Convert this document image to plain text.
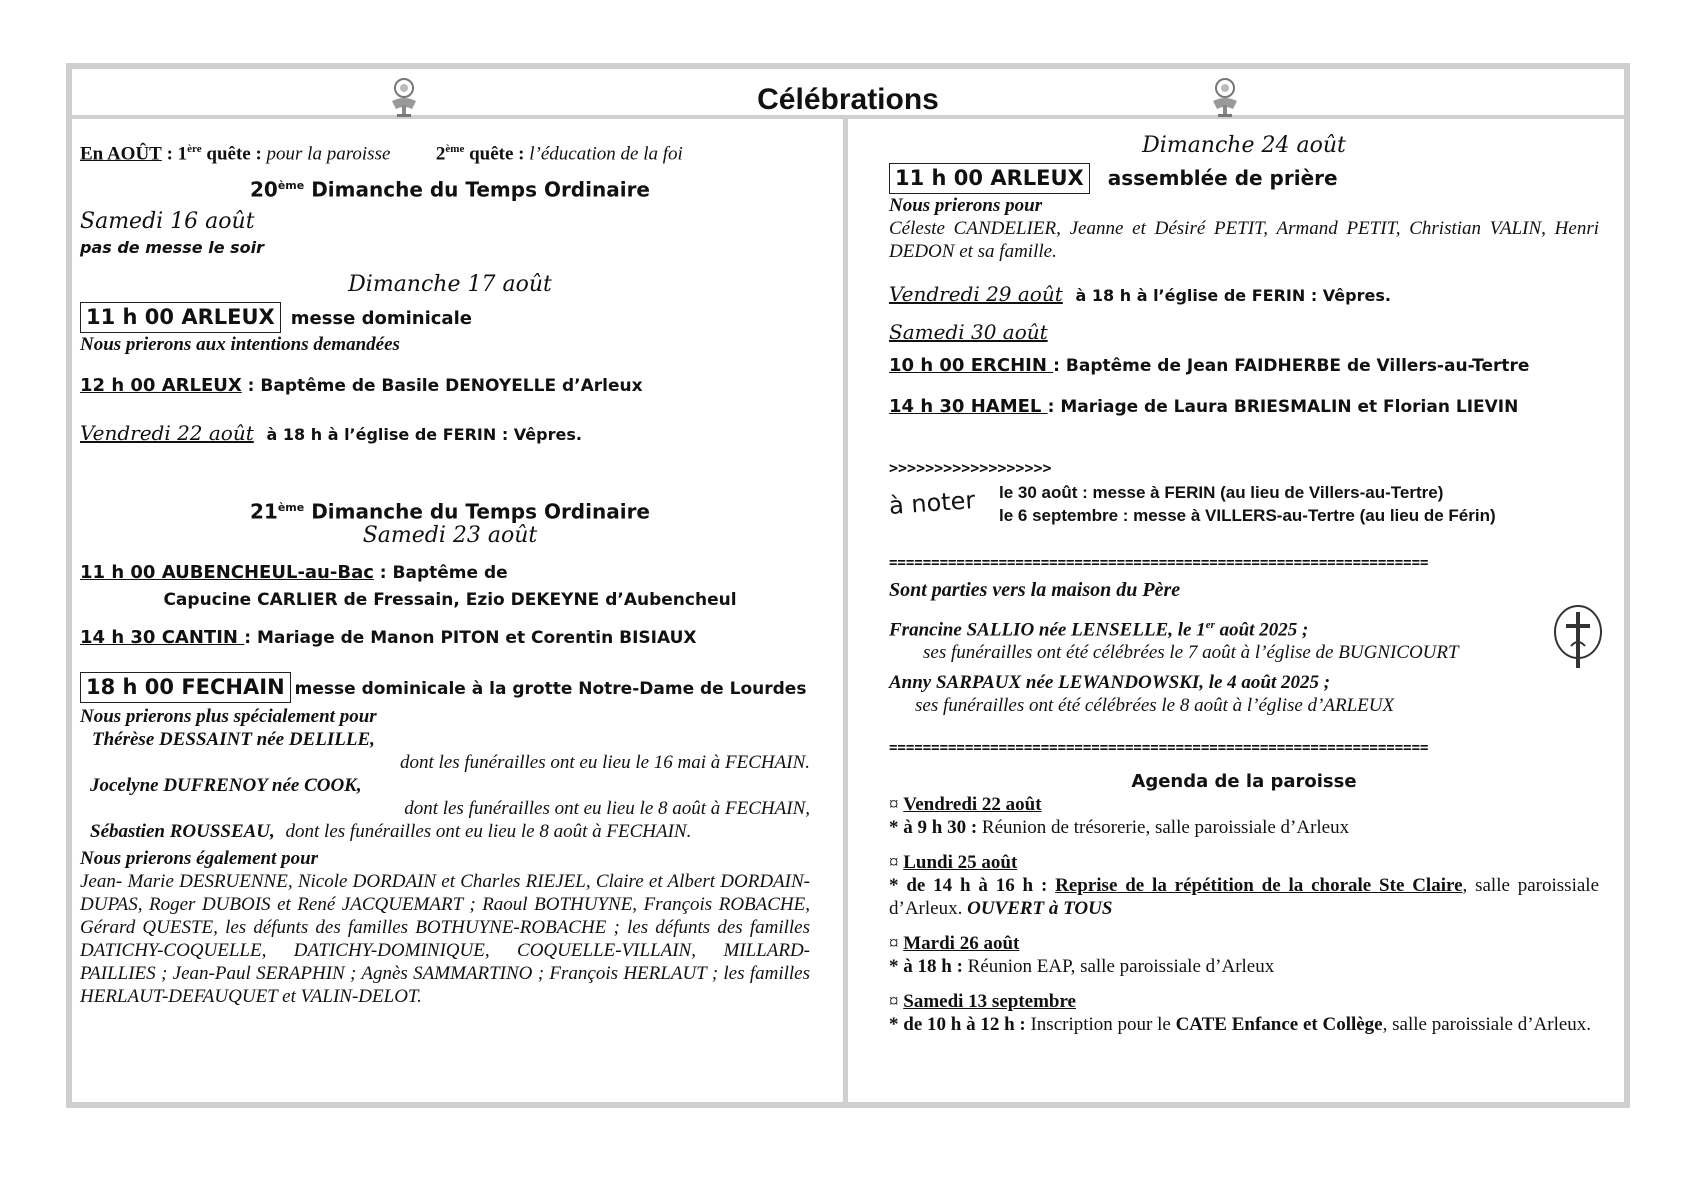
Célébrations
En AOÛT : 1ère quête : pour la paroisse 2ème quête : l’éducation de la foi
20ème Dimanche du Temps Ordinaire
Samedi 16 août
pas de messe le soir
Dimanche 17 août
11 h 00 ARLEUX messe dominicale
Nous prierons aux intentions demandées
12 h 00 ARLEUX : Baptême de Basile DENOYELLE d’Arleux
Vendredi 22 août à 18 h à l’église de FERIN : Vêpres.
21ème Dimanche du Temps Ordinaire
Samedi 23 août
11 h 00 AUBENCHEUL-au-Bac : Baptême de
Capucine CARLIER de Fressain, Ezio DEKEYNE d’Aubencheul
14 h 30 CANTIN : Mariage de Manon PITON et Corentin BISIAUX
18 h 00 FECHAIN messe dominicale à la grotte Notre-Dame de Lourdes
Nous prierons plus spécialement pour
Thérèse DESSAINT née DELILLE,
dont les funérailles ont eu lieu le 16 mai à FECHAIN.
Jocelyne DUFRENOY née COOK,
dont les funérailles ont eu lieu le 8 août à FECHAIN,
Sébastien ROUSSEAU, dont les funérailles ont eu lieu le 8 août à FECHAIN.
Nous prierons également pour
Jean- Marie DESRUENNE, Nicole DORDAIN et Charles RIEJEL, Claire et Albert DORDAIN-DUPAS, Roger DUBOIS et René JACQUEMART ; Raoul BOTHUYNE, François ROBACHE, Gérard QUESTE, les défunts des familles BOTHUYNE-ROBACHE ; les défunts des familles DATICHY-COQUELLE, DATICHY-DOMINIQUE, COQUELLE-VILLAIN, MILLARD-PAILLIES ; Jean-Paul SERAPHIN ; Agnès SAMMARTINO ; François HERLAUT ; les familles HERLAUT-DEFAUQUET et VALIN-DELOT.
Dimanche 24 août
11 h 00 ARLEUX assemblée de prière
Nous prierons pour
Céleste CANDELIER, Jeanne et Désiré PETIT, Armand PETIT, Christian VALIN, Henri DEDON et sa famille.
Vendredi 29 août à 18 h à l’église de FERIN : Vêpres.
Samedi 30 août
10 h 00 ERCHIN : Baptême de Jean FAIDHERBE de Villers-au-Tertre
14 h 30 HAMEL : Mariage de Laura BRIESMALIN et Florian LIEVIN
>>>>>>>>>>>>>>>>>>
à noter le 30 août : messe à FERIN (au lieu de Villers-au-Tertre)
le 6 septembre : messe à VILLERS-au-Tertre (au lieu de Férin)
================================================================
Sont parties vers la maison du Père
Francine SALLIO née LENSELLE, le 1er août 2025 ;
ses funérailles ont été célébrées le 7 août à l’église de BUGNICOURT
Anny SARPAUX née LEWANDOWSKI, le 4 août 2025 ;
ses funérailles ont été célébrées le 8 août à l’église d’ARLEUX
================================================================
Agenda de la paroisse
¤ Vendredi 22 août
* à 9 h 30 : Réunion de trésorerie, salle paroissiale d’Arleux
¤ Lundi 25 août
* de 14 h à 16 h : Reprise de la répétition de la chorale Ste Claire, salle paroissiale d’Arleux. OUVERT à TOUS
¤ Mardi 26 août
* à 18 h : Réunion EAP, salle paroissiale d’Arleux
¤ Samedi 13 septembre
* de 10 h à 12 h : Inscription pour le CATE Enfance et Collège, salle paroissiale d’Arleux.
